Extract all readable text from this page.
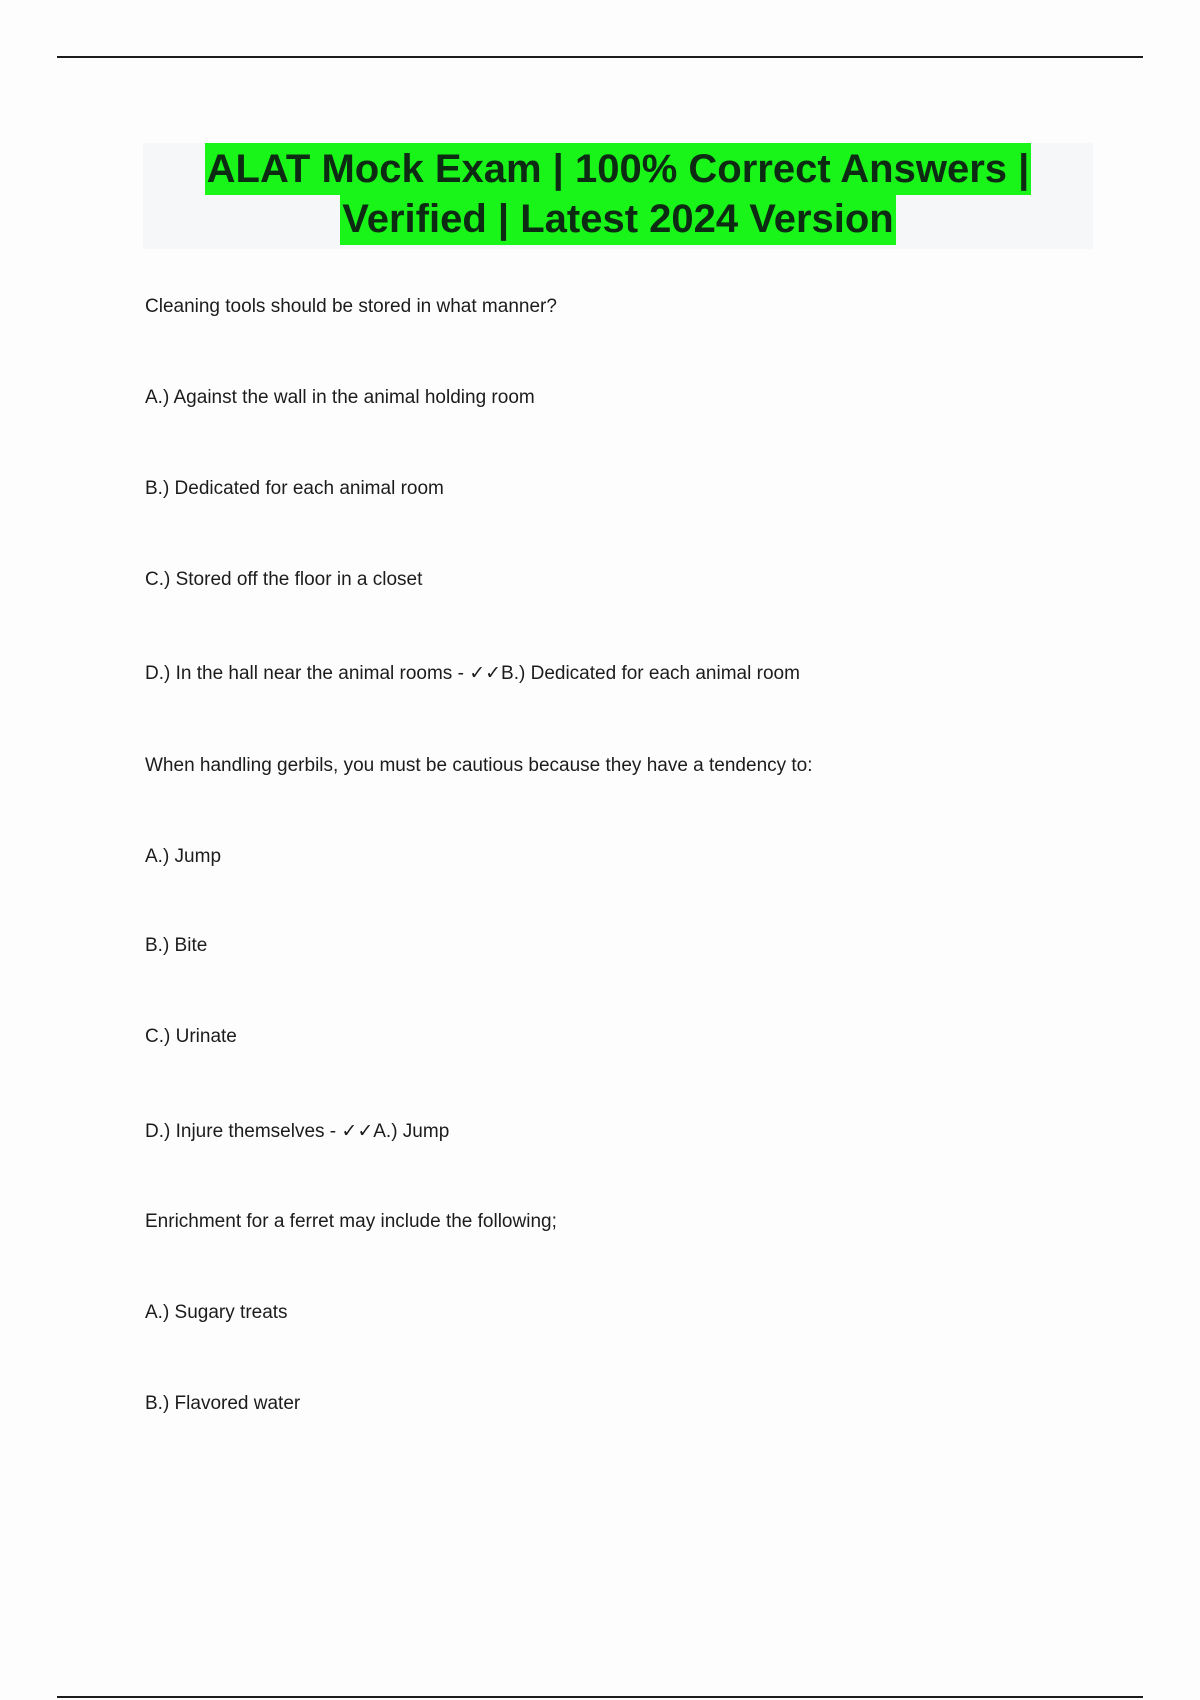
ALAT Mock Exam | 100% Correct Answers |
Verified | Latest 2024 Version
Cleaning tools should be stored in what manner?
A.) Against the wall in the animal holding room
B.) Dedicated for each animal room
C.) Stored off the floor in a closet
D.) In the hall near the animal rooms - ✓✓B.) Dedicated for each animal room
When handling gerbils, you must be cautious because they have a tendency to:
A.) Jump
B.) Bite
C.) Urinate
D.) Injure themselves - ✓✓A.) Jump
Enrichment for a ferret may include the following;
A.) Sugary treats
B.) Flavored water
